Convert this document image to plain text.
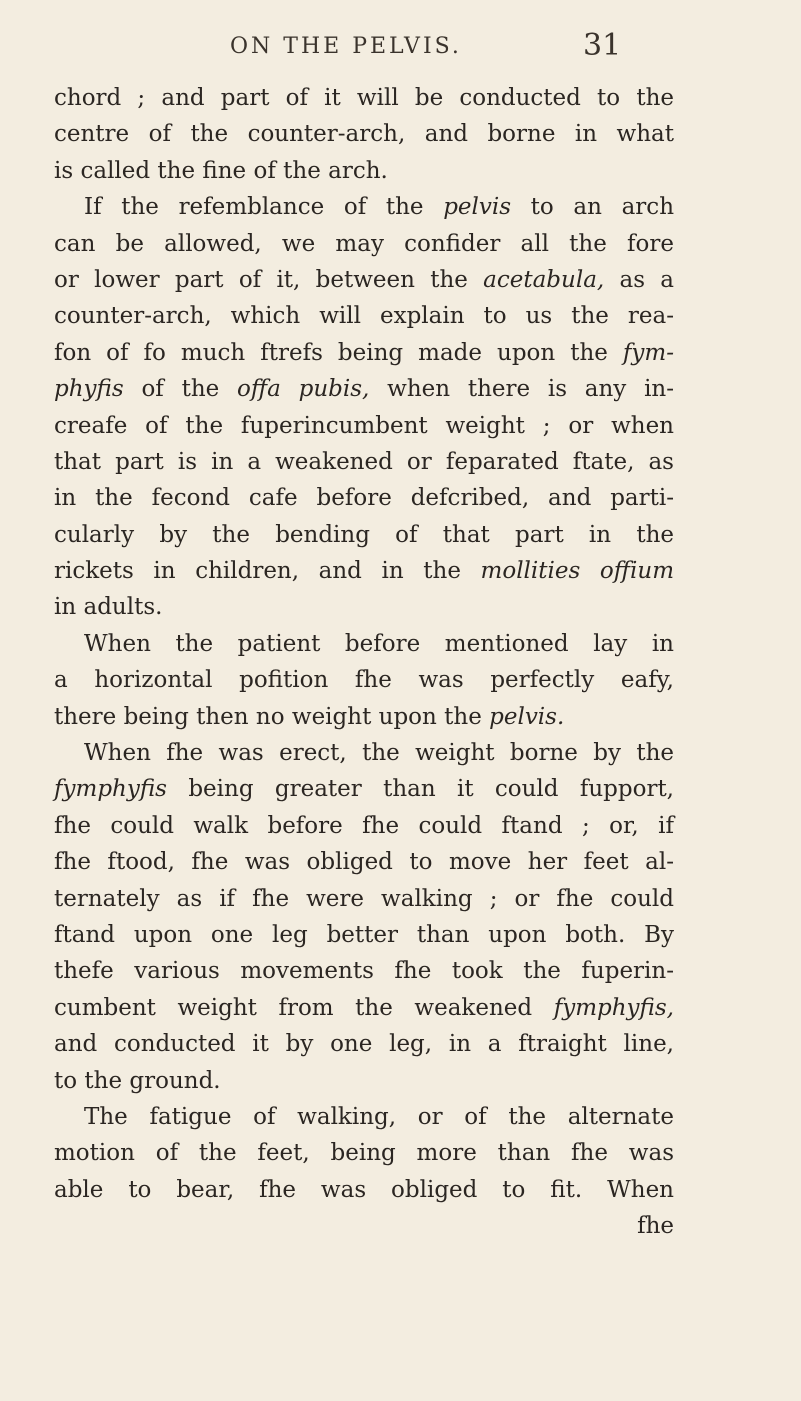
ON THE PELVIS.	31
chord ; and part of it will be conducted to the
centre of the counter-arch, and borne in what
is called the fine of the arch.
If the refemblance of the pelvis to an arch
can be allowed, we may confider all the fore
or lower part of it, between the acetabula, as a
counter-arch, which will explain to us the rea-
fon of fo much ftrefs being made upon the fym-
phyfis of the offa pubis, when there is any in-
creafe of the fuperincumbent weight ; or when
that part is in a weakened or feparated ftate, as
in the fecond cafe before defcribed, and parti-
cularly by the bending of that part in the
rickets in children, and in the mollities offium
in adults.
When the patient before mentioned lay in
a horizontal pofition fhe was perfectly eafy,
there being then no weight upon the pelvis.
When fhe was erect, the weight borne by the
fymphyfis being greater than it could fupport,
fhe could walk before fhe could ftand ; or, if
fhe ftood, fhe was obliged to move her feet al-
ternately as if fhe were walking ; or fhe could
ftand upon one leg better than upon both. By
thefe various movements fhe took the fuperin-
cumbent weight from the weakened fymphyfis,
and conducted it by one leg, in a ftraight line,
to the ground.
The fatigue of walking, or of the alternate
motion of the feet, being more than fhe was
able to bear, fhe was obliged to fit. When
fhe
